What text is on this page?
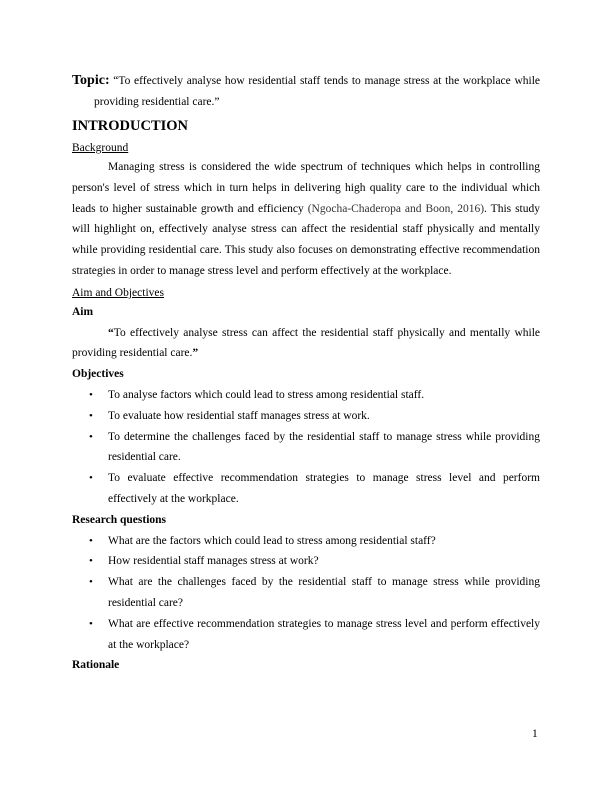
Topic: “To effectively analyse how residential staff tends to manage stress at the workplace while providing residential care.”

INTRODUCTION
Background

Managing stress is considered the wide spectrum of techniques which helps in controlling person's level of stress which in turn helps in delivering high quality care to the individual which leads to higher sustainable growth and efficiency (Ngocha-Chaderopa and Boon, 2016). This study will highlight on, effectively analyse stress can affect the residential staff physically and mentally while providing residential care. This study also focuses on demonstrating effective recommendation strategies in order to manage stress level and perform effectively at the workplace.

Aim and Objectives
Aim

“To effectively analyse stress can affect the residential staff physically and mentally while providing residential care.”

Objectives
• To analyse factors which could lead to stress among residential staff.
• To evaluate how residential staff manages stress at work.
• To determine the challenges faced by the residential staff to manage stress while providing residential care.
• To evaluate effective recommendation strategies to manage stress level and perform effectively at the workplace.
Research questions
• What are the factors which could lead to stress among residential staff?
• How residential staff manages stress at work?
• What are the challenges faced by the residential staff to manage stress while providing residential care?
• What are effective recommendation strategies to manage stress level and perform effectively at the workplace?
Rationale
1
